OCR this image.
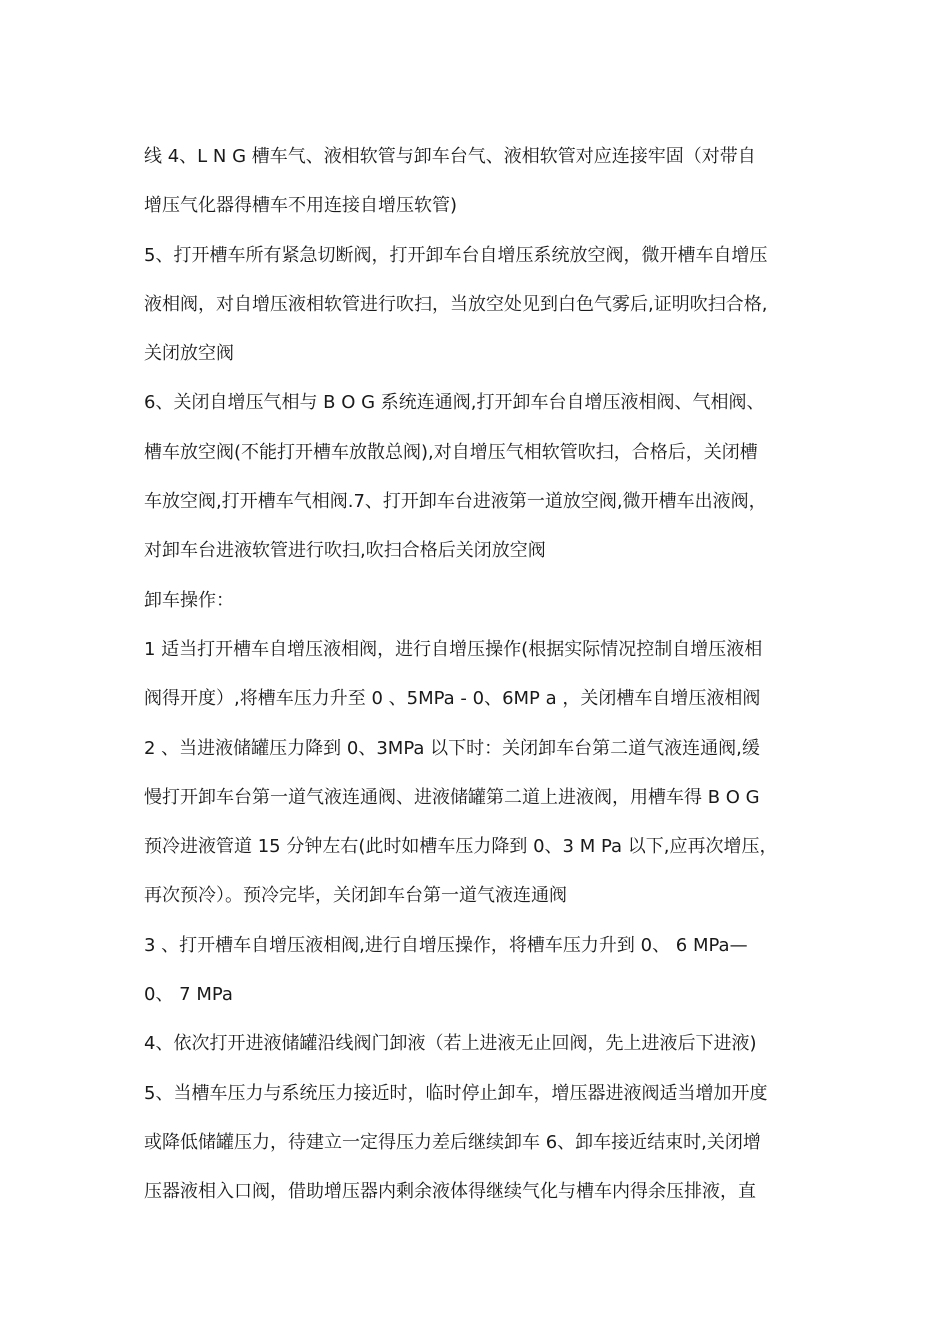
线 4、L N G 槽车气、液相软管与卸车台气、液相软管对应连接牢固（对带自
增压气化器得槽车不用连接自增压软管)
5、打开槽车所有紧急切断阀，打开卸车台自增压系统放空阀，微开槽车自增压
液相阀，对自增压液相软管进行吹扫，当放空处见到白色气雾后,证明吹扫合格,
关闭放空阀
6、关闭自增压气相与 B O G 系统连通阀,打开卸车台自增压液相阀、气相阀、
槽车放空阀(不能打开槽车放散总阀),对自增压气相软管吹扫，合格后，关闭槽
车放空阀,打开槽车气相阀.7、打开卸车台进液第一道放空阀,微开槽车出液阀，
对卸车台进液软管进行吹扫,吹扫合格后关闭放空阀
卸车操作：
1 适当打开槽车自增压液相阀，进行自增压操作(根据实际情况控制自增压液相
阀得开度）,将槽车压力升至 0 、5MPa - 0、6MP a ，关闭槽车自增压液相阀
2 、当进液储罐压力降到 0、3MPa 以下时：关闭卸车台第二道气液连通阀,缓
慢打开卸车台第一道气液连通阀、进液储罐第二道上进液阀，用槽车得 B O G
预冷进液管道 15 分钟左右(此时如槽车压力降到 0、3 M Pa 以下,应再次增压，
再次预冷）。预冷完毕，关闭卸车台第一道气液连通阀
3 、打开槽车自增压液相阀,进行自增压操作，将槽车压力升到 0、 6 MPa—
0、 7 MPa
4、依次打开进液储罐沿线阀门卸液（若上进液无止回阀，先上进液后下进液)
5、当槽车压力与系统压力接近时，临时停止卸车，增压器进液阀适当增加开度
或降低储罐压力，待建立一定得压力差后继续卸车 6、卸车接近结束时,关闭增
压器液相入口阀，借助增压器内剩余液体得继续气化与槽车内得余压排液，直
